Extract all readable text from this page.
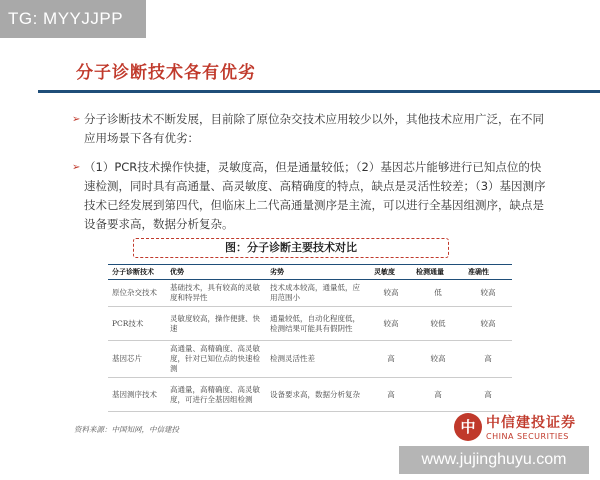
TG: MYYJJPP
分子诊断技术各有优劣
➢ 分子诊断技术不断发展，目前除了原位杂交技术应用较少以外，其他技术应用广泛，在不同应用场景下各有优劣：
➢ （1）PCR技术操作快捷，灵敏度高，但是通量较低；（2）基因芯片能够进行已知点位的快速检测，同时具有高通量、高灵敏度、高精确度的特点，缺点是灵活性较差；（3）基因测序技术已经发展到第四代，但临床上二代高通量测序是主流，可以进行全基因组测序，缺点是设备要求高，数据分析复杂。
图：分子诊断主要技术对比
分子诊断技术	优势	劣势	灵敏度	检测通量	准确性
原位杂交技术	基础技术，具有较高的灵敏度和特异性	技术成本较高，通量低，应用范围小	较高	低	较高
PCR技术	灵敏度较高，操作便捷、快速	通量较低，自动化程度低，检测结果可能具有假阴性	较高	较低	较高
基因芯片	高通量、高精确度、高灵敏度，针对已知位点的快速检测	检测灵活性差	高	较高	高
基因测序技术	高通量，高精确度、高灵敏度，可进行全基因组检测	设备要求高，数据分析复杂	高	高	高
资料来源：中国知网，中信建投	中 中信建投证券
CHINA SECURITIES
www.jujinghuyu.com
